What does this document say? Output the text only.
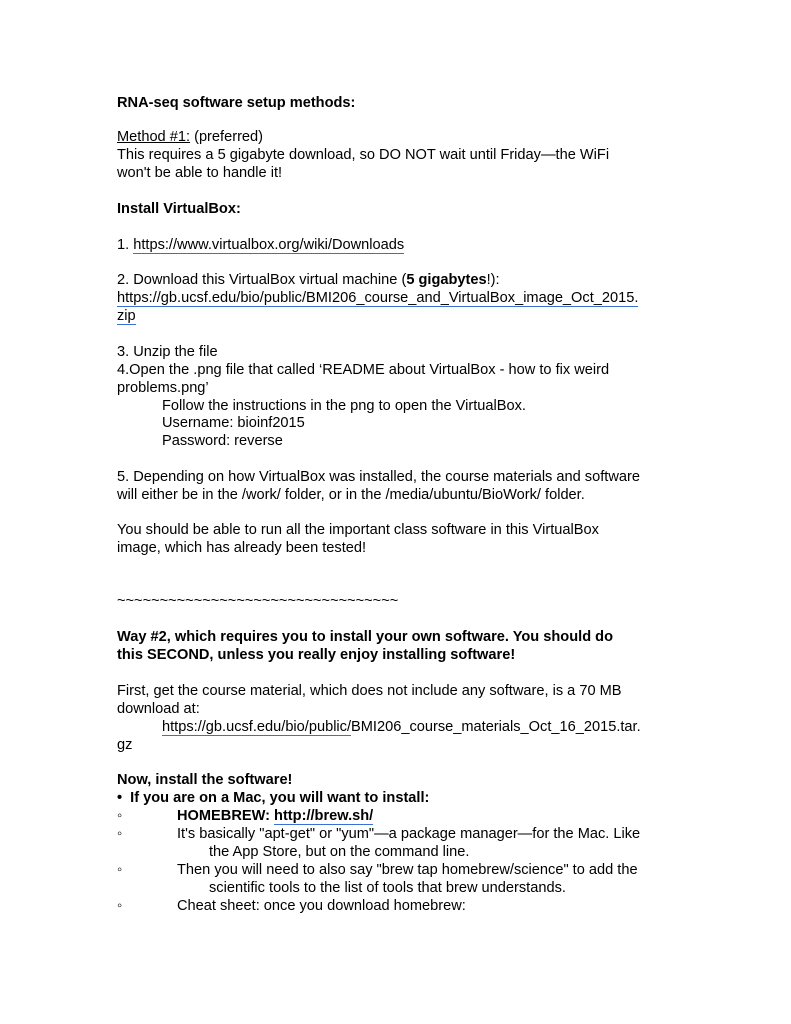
RNA-seq software setup methods:
Method #1: (preferred)
This requires a 5 gigabyte download, so DO NOT wait until Friday—the WiFi
won't be able to handle it!
Install VirtualBox:
1. https://www.virtualbox.org/wiki/Downloads
2. Download this VirtualBox virtual machine (5 gigabytes!):
https://gb.ucsf.edu/bio/public/BMI206_course_and_VirtualBox_image_Oct_2015.
zip
3. Unzip the file
4.Open the .png file that called ‘README about VirtualBox - how to fix weird
problems.png’
Follow the instructions in the png to open the VirtualBox.
Username: bioinf2015
Password: reverse
5. Depending on how VirtualBox was installed, the course materials and software
will either be in the /work/ folder, or in the /media/ubuntu/BioWork/ folder.
You should be able to run all the important class software in this VirtualBox
image, which has already been tested!
~~~~~~~~~~~~~~~~~~~~~~~~~~~~~~~~~
Way #2, which requires you to install your own software. You should do
this SECOND, unless you really enjoy installing software!
First, get the course material, which does not include any software, is a 70 MB
download at:
https://gb.ucsf.edu/bio/public/BMI206_course_materials_Oct_16_2015.tar.
gz
Now, install the software!
• If you are on a Mac, you will want to install:
◦	HOMEBREW: http://brew.sh/
◦	It's basically "apt-get" or "yum"—a package manager—for the Mac. Like
the App Store, but on the command line.
◦	Then you will need to also say "brew tap homebrew/science" to add the
scientific tools to the list of tools that brew understands.
◦	Cheat sheet: once you download homebrew:
